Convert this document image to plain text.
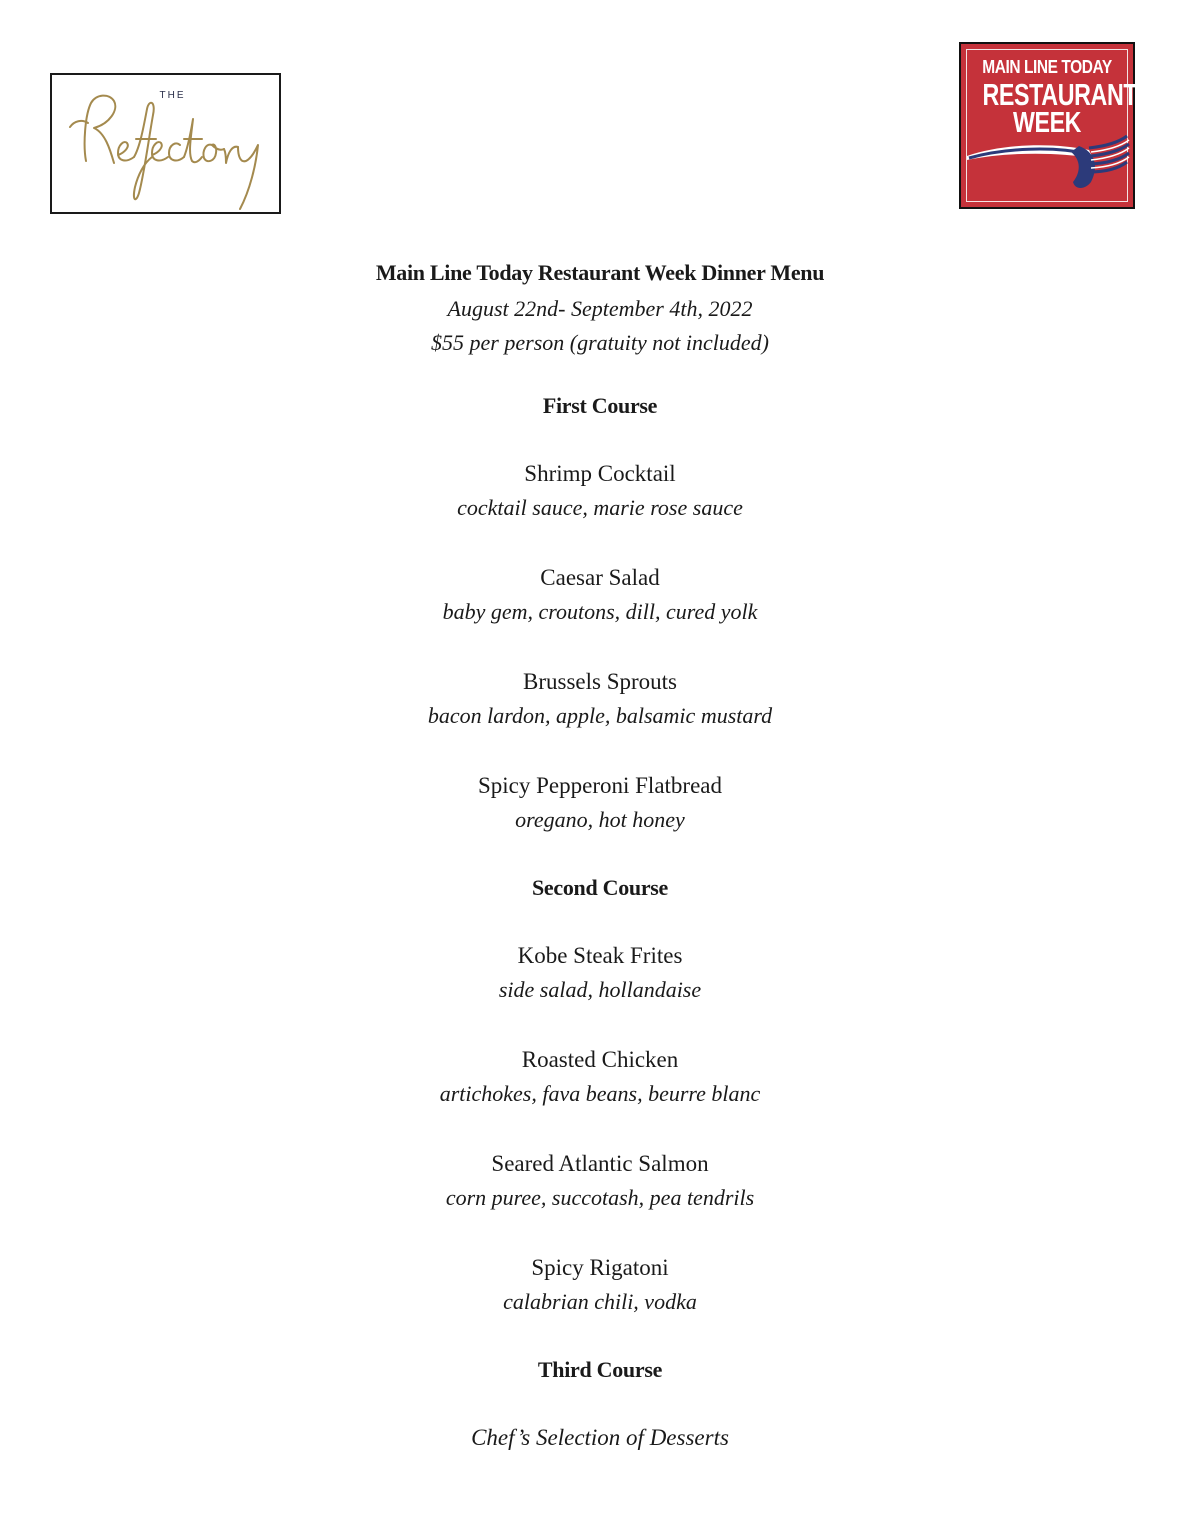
THE
MAIN LINE TODAY
RESTAURANT
WEEK
Main Line Today Restaurant Week Dinner Menu
August 22nd- September 4th, 2022
$55 per person (gratuity not included)
First Course
Shrimp Cocktail
cocktail sauce, marie rose sauce
Caesar Salad
baby gem, croutons, dill, cured yolk
Brussels Sprouts
bacon lardon, apple, balsamic mustard
Spicy Pepperoni Flatbread
oregano, hot honey
Second Course
Kobe Steak Frites
side salad, hollandaise
Roasted Chicken
artichokes, fava beans, beurre blanc
Seared Atlantic Salmon
corn puree, succotash, pea tendrils
Spicy Rigatoni
calabrian chili, vodka
Third Course
Chef’s Selection of Desserts
